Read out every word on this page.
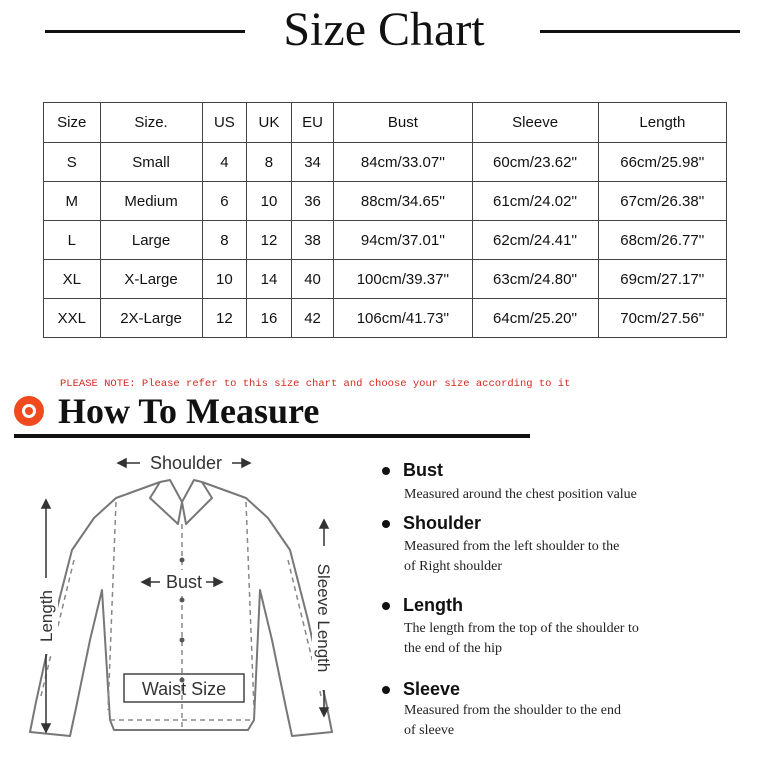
Size Chart
Size	Size.	US	UK	EU	Bust	Sleeve	Length
S	Small	4	8	34	84cm/33.07''	60cm/23.62''	66cm/25.98''
M	Medium	6	10	36	88cm/34.65''	61cm/24.02''	67cm/26.38''
L	Large	8	12	38	94cm/37.01''	62cm/24.41''	68cm/26.77''
XL	X-Large	10	14	40	100cm/39.37''	63cm/24.80''	69cm/27.17''
XXL	2X-Large	12	16	42	106cm/41.73''	64cm/25.20''	70cm/27.56''
PLEASE NOTE: Please refer to this size chart and choose your size according to it
How To Measure
Shoulder
Bust
Waist Size
Length	Sleeve Length
Bust
Measured around the chest position value
Shoulder
Measured from the left shoulder to the
of Right shoulder
Length
The length from the top of the shoulder to
the end of the hip
Sleeve
Measured from the shoulder to the end
of sleeve
